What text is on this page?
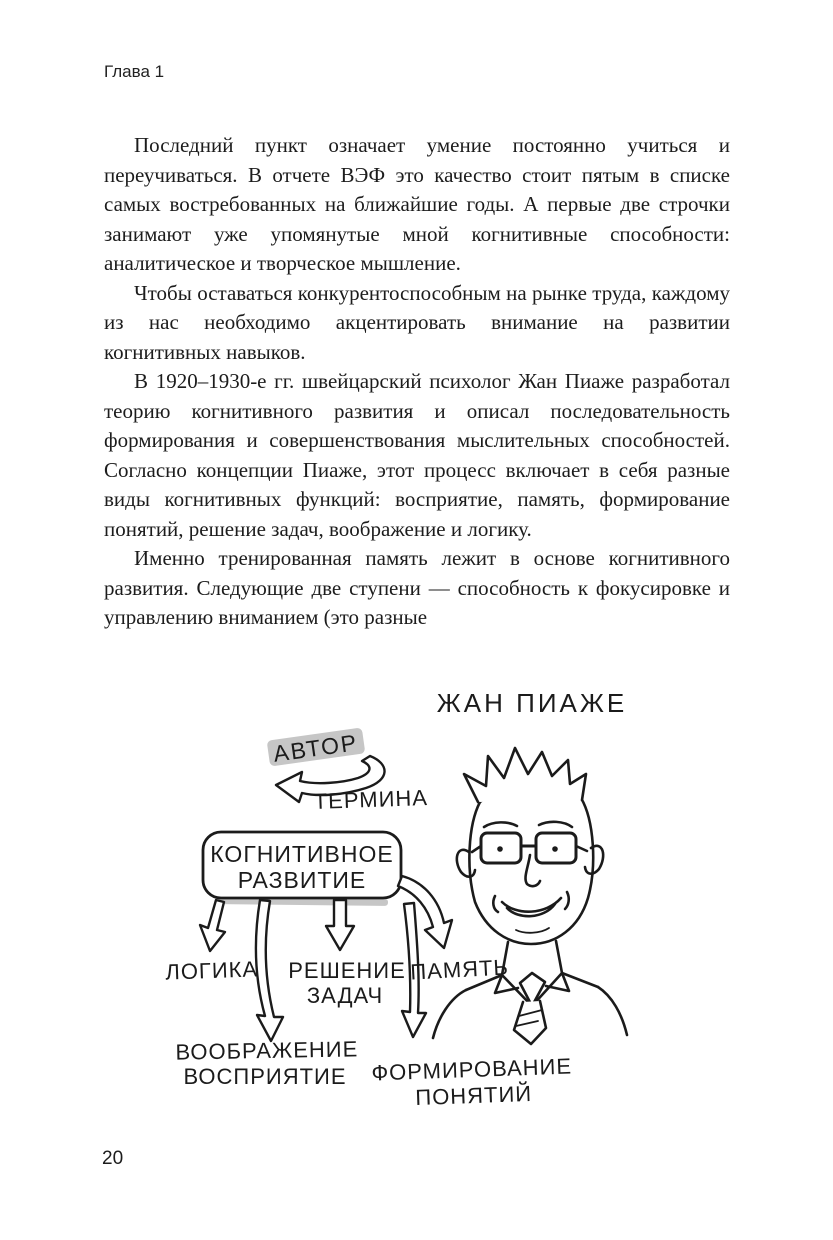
Глава 1

Последний пункт означает умение постоянно учиться и переучиваться. В отчете ВЭФ это качество стоит пятым в списке самых востребованных на ближайшие годы. А первые две строчки занимают уже упомянутые мной когнитивные способности: аналитическое и творческое мышление.

Чтобы оставаться конкурентоспособным на рынке труда, каждому из нас необходимо акцентировать внимание на развитии когнитивных навыков.

В 1920–1930-е гг. швейцарский психолог Жан Пиаже разработал теорию когнитивного развития и описал последовательность формирования и совершенствования мыслительных способностей. Согласно концепции Пиаже, этот процесс включает в себя разные виды когнитивных функций: восприятие, память, формирование понятий, решение задач, воображение и логику.

Именно тренированная память лежит в основе когнитивного развития. Следующие две ступени — способность к фокусировке и управлению вниманием (это разные

ЖАН ПИАЖЕ
АВТОР
ТЕРМИНА
КОГНИТИВНОЕ
РАЗВИТИЕ
ЛОГИКА РЕШЕНИЕ
ЗАДАЧ
ПАМЯТЬ
ВООБРАЖЕНИЕ
ВОСПРИЯТИЕ ФОРМИРОВАНИЕ
ПОНЯТИЙ
20
